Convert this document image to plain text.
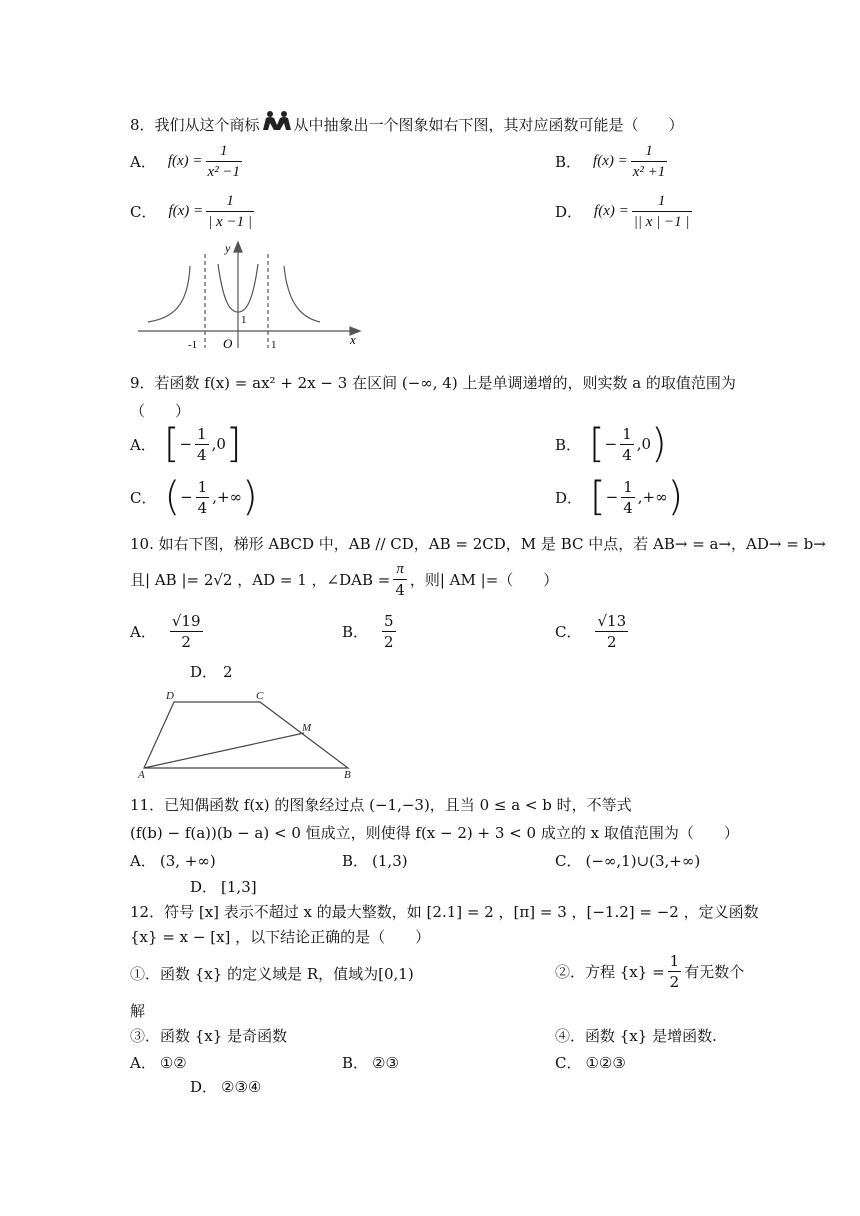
8．我们从这个商标 从中抽象出一个图象如右下图，其对应函数可能是（　　）
A． $f(x) = \frac{1}{\text{x² −1}}$	B． $f(x) = \frac{1}{\text{x² +1}}$
C． $f(x) = \frac{1}{| x -1 |}$	D． $f(x) = \frac{1}{|| x | -1 |}$
y
x
1
O
-1	1
9．若函数 f(x) = ax² + 2x − 3 在区间 (−∞, 4) 上是单调递增的，则实数 a 的取值范围为
（　　）
A． [ − $\frac{1}{4} ,0$ ]	B． [ − $\frac{1}{4} ,0$ )
C． ( − $\frac{1}{4}$ ,+∞ )	D． [ − $\frac{1}{4}$ ,+∞ )
10. 如右下图，梯形 ABCD 中，AB // CD，AB = 2CD，M 是 BC 中点，若 AB→ = a→，AD→ = b→
且| AB |= 2√2 ，AD = 1 ，∠DAB = $\frac{\pi}{4}$ ，则| AM |=（　　）
A． $\frac{√19}{2}$	B． $\frac{5}{2}$	C． $\frac{√13}{2}$
D． 2
D	C
M
A	B
11．已知偶函数 f(x) 的图象经过点 (−1,−3)，且当 0 ≤ a < b 时，不等式
(f(b) − f(a))(b − a) < 0 恒成立，则使得 f(x − 2) + 3 < 0 成立的 x 取值范围为（　　）
A． (3, +∞)	B． (1,3)	C． (−∞,1)∪(3,+∞)
D． [1,3]
12．符号 [x] 表示不超过 x 的最大整数，如 [2.1] = 2 ，[π] = 3 ，[−1.2] = −2 ，定义函数
{x} = x − [x] ，以下结论正确的是（　　）
①．函数 {x} 的定义域是 R，值域为[0,1)	②．方程 $\{x\} = \frac{1}{2}$ 有无数个
解
③．函数 {x} 是奇函数	④．函数 {x} 是增函数.
A． ①②	B． ②③	C． ①②③
D． ②③④
